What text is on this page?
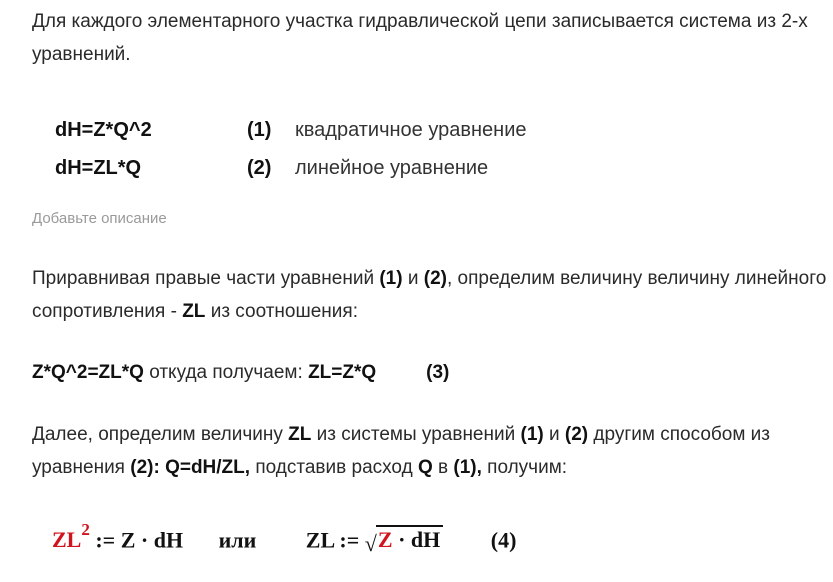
Для каждого элементарного участка гидравлической цепи записывается система из 2-х уравнений.
dH=Z*Q^2	(1) квадратичное уравнение
dH=ZL*Q	(2) линейное уравнение
Добавьте описание
Приравнивая правые части уравнений (1) и (2), определим величину величину линейного сопротивления - ZL из соотношения:
Z*Q^2=ZL*Q откуда получаем: ZL=Z*Q	(3)
Далее, определим величину ZL из системы уравнений (1) и (2) другим способом из уравнения (2): Q=dH/ZL, подставив расход Q в (1), получим:
$ZL^2$ := Z · dH или ZL := √Z · dH (4)
